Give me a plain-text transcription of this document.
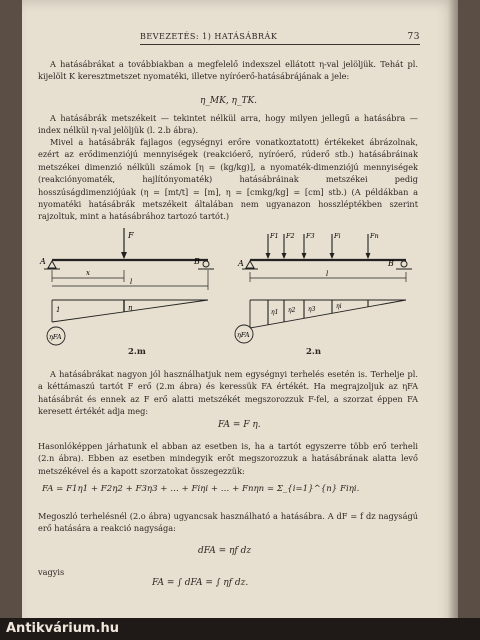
BEVEZETÉS: 1) HATÁSÁBRÁK	73

A hatásábrákat a továbbiakban a megfelelő indexszel ellátott η-val jelöljük. Tehát pl. kijelölt K keresztmetszet nyomatéki, illetve nyíróerő-hatásábrájának a jele:

η_MK, η_TK.

A hatásábrák metszékeit — tekintet nélkül arra, hogy milyen jellegű a hatásábra — index nélkül η-val jelöljük (l. 2.b ábra).

Mivel a hatásábrák fajlagos (egységnyi erőre vonatkoztatott) értékeket ábrázolnak, ezért az erődimenziójú mennyiségek (reakcióerő, nyíróerő, rúderő stb.) hatásábráinak metszékei dimenzió nélküli számok [η = (kg/kg)], a nyomaték-dimenziójú mennyiségek (reakciónyomaték, hajlítónyomaték) hatásábráinak metszékei pedig hosszúságdimenziójúak (η = [mt/t] = [m], η = [cmkg/kg] = [cm] stb.) (A példákban a nyomatéki hatásábrák metszékeit általában nem ugyanazon hosszléptékben szerint rajzoltuk, mint a hatásábrához tartozó tartót.)

F
A	B
x
l
1	η
ηFA
2.m
F1 F2 F3	Fi	Fn
A	B
l
η1 η2 η3	ηi
ηFA
2.n

A hatásábrákat nagyon jól használhatjuk nem egységnyi terhelés esetén is. Terhelje pl. a kéttámaszú tartót F erő (2.m ábra) és keressük FA értékét. Ha megrajzoljuk az ηFA hatásábrát és ennek az F erő alatti metszékét megszorozzuk F-fel, a szorzat éppen FA keresett értékét adja meg:

FA = F η.

Hasonlóképpen járhatunk el abban az esetben is, ha a tartót egyszerre több erő terheli (2.n ábra). Ebben az esetben mindegyik erőt megszorozzuk a hatásábrának alatta levő metszékével és a kapott szorzatokat összegezzük:

FA = F1η1 + F2η2 + F3η3 + … + Fiηi + … + Fnηn = Σ_{i=1}^{n} Fiηi.

Megoszló terhelésnél (2.o ábra) ugyancsak használható a hatásábra. A dF = f dz nagyságú erő hatására a reakció nagysága:

dFA = ηf dz

vagyis

FA = ∫ dFA = ∫ ηf dz.
Antikvárium.hu
